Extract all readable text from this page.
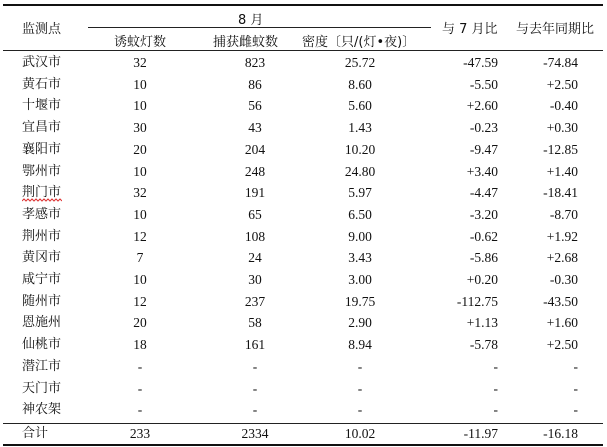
监测点
8 月
诱蚊灯数	捕获雌蚊数 密度〔只/(灯•夜)〕
与 7 月比 与去年同期比
武汉市	32	823	25.72	-47.59	-74.84
黄石市	10	86	8.60	-5.50	+2.50
十堰市	10	56	5.60	+2.60	-0.40
宜昌市	30	43	1.43	-0.23	+0.30
襄阳市	20	204	10.20	-9.47	-12.85
鄂州市	10	248	24.80	+3.40	+1.40
荆门市	32	191	5.97	-4.47	-18.41
孝感市	10	65	6.50	-3.20	-8.70
荆州市	12	108	9.00	-0.62	+1.92
黄冈市	7	24	3.43	-5.86	+2.68
咸宁市	10	30	3.00	+0.20	-0.30
随州市	12	237	19.75	-112.75	-43.50
恩施州	20	58	2.90	+1.13	+1.60
仙桃市	18	161	8.94	-5.78	+2.50
潜江市	-	-	-	-	-
天门市	-	-	-	-	-
神农架	-	-	-	-	-
合计	233	2334	10.02	-11.97	-16.18
